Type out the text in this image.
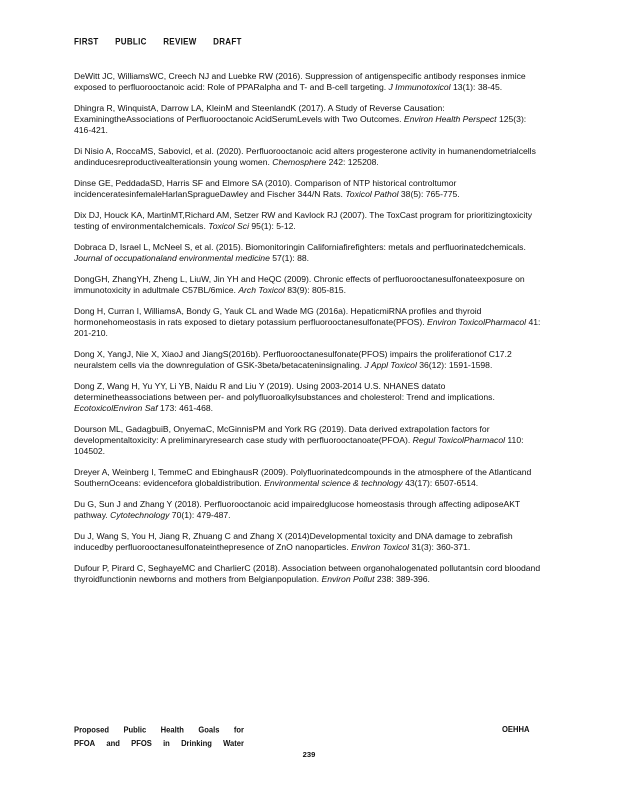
FIRST PUBLIC REVIEW DRAFT

DeWitt JC, WilliamsWC, Creech NJ and Luebke RW (2016). Suppression of antigenspecific antibody responses inmice exposed to perfluorooctanoic acid: Role of PPARalpha and T- and B-cell targeting. J Immunotoxicol 13(1): 38-45.

Dhingra R, WinquistA, Darrow LA, KleinM and SteenlandK (2017). A Study of Reverse Causation: ExaminingtheAssociations of Perfluorooctanoic AcidSerumLevels with Two Outcomes. Environ Health Perspect 125(3): 416-421.

Di Nisio A, RoccaMS, Sabovicl, et al. (2020). Perfluorooctanoic acid alters progesterone activity in humanendometrialcells andinducesreproductivealterationsin young women. Chemosphere 242: 125208.

Dinse GE, PeddadaSD, Harris SF and Elmore SA (2010). Comparison of NTP historical controltumor incidenceratesinfemaleHarlanSpragueDawley and Fischer 344/N Rats. Toxicol Pathol 38(5): 765-775.

Dix DJ, Houck KA, MartinMT,Richard AM, Setzer RW and Kavlock RJ (2007). The ToxCast program for prioritizingtoxicity testing of environmentalchemicals. Toxicol Sci 95(1): 5-12.

Dobraca D, Israel L, McNeel S, et al. (2015). Biomonitoringin Californiafirefighters: metals and perfluorinatedchemicals. Journal of occupationaland environmental medicine 57(1): 88.

DongGH, ZhangYH, Zheng L, LiuW, Jin YH and HeQC (2009). Chronic effects of perfluorooctanesulfonateexposure on immunotoxicity in adultmale C57BL/6mice. Arch Toxicol 83(9): 805-815.

Dong H, Curran I, WilliamsA, Bondy G, Yauk CL and Wade MG (2016a). HepaticmiRNA profiles and thyroid hormonehomeostasis in rats exposed to dietary potassium perfluorooctanesulfonate(PFOS). Environ ToxicolPharmacol 41: 201-210.

Dong X, YangJ, Nie X, XiaoJ and JiangS(2016b). Perfluorooctanesulfonate(PFOS) impairs the proliferationof C17.2 neuralstem cells via the downregulation of GSK-3beta/betacateninsignaling. J Appl Toxicol 36(12): 1591-1598.

Dong Z, Wang H, Yu YY, Li YB, Naidu R and Liu Y (2019). Using 2003-2014 U.S. NHANES datato determinetheassociations between per- and polyfluoroalkylsubstances and cholesterol: Trend and implications. EcotoxicolEnviron Saf 173: 461-468.

Dourson ML, GadagbuiB, OnyemaC, McGinnisPM and York RG (2019). Data derived extrapolation factors for developmentaltoxicity: A preliminaryresearch case study with perfluorooctanoate(PFOA). Regul ToxicolPharmacol 110: 104502.

Dreyer A, Weinberg I, TemmeC and EbinghausR (2009). Polyfluorinatedcompounds in the atmosphere of the Atlanticand SouthernOceans: evidencefora globaldistribution. Environmental science & technology 43(17): 6507-6514.

Du G, Sun J and Zhang Y (2018). Perfluorooctanoic acid impairedglucose homeostasis through affecting adiposeAKT pathway. Cytotechnology 70(1): 479-487.

Du J, Wang S, You H, Jiang R, Zhuang C and Zhang X (2014)Developmental toxicity and DNA damage to zebrafish inducedby perfluorooctanesulfonateinthepresence of ZnO nanoparticles. Environ Toxicol 31(3): 360-371.

Dufour P, Pirard C, SeghayeMC and CharlierC (2018). Association between organohalogenated pollutantsin cord bloodand thyroidfunctionin newborns and mothers from Belgianpopulation. Environ Pollut 238: 389-396.

Proposed Public Health Goals for
PFOA and PFOS in Drinking Water
OEHHA
239
